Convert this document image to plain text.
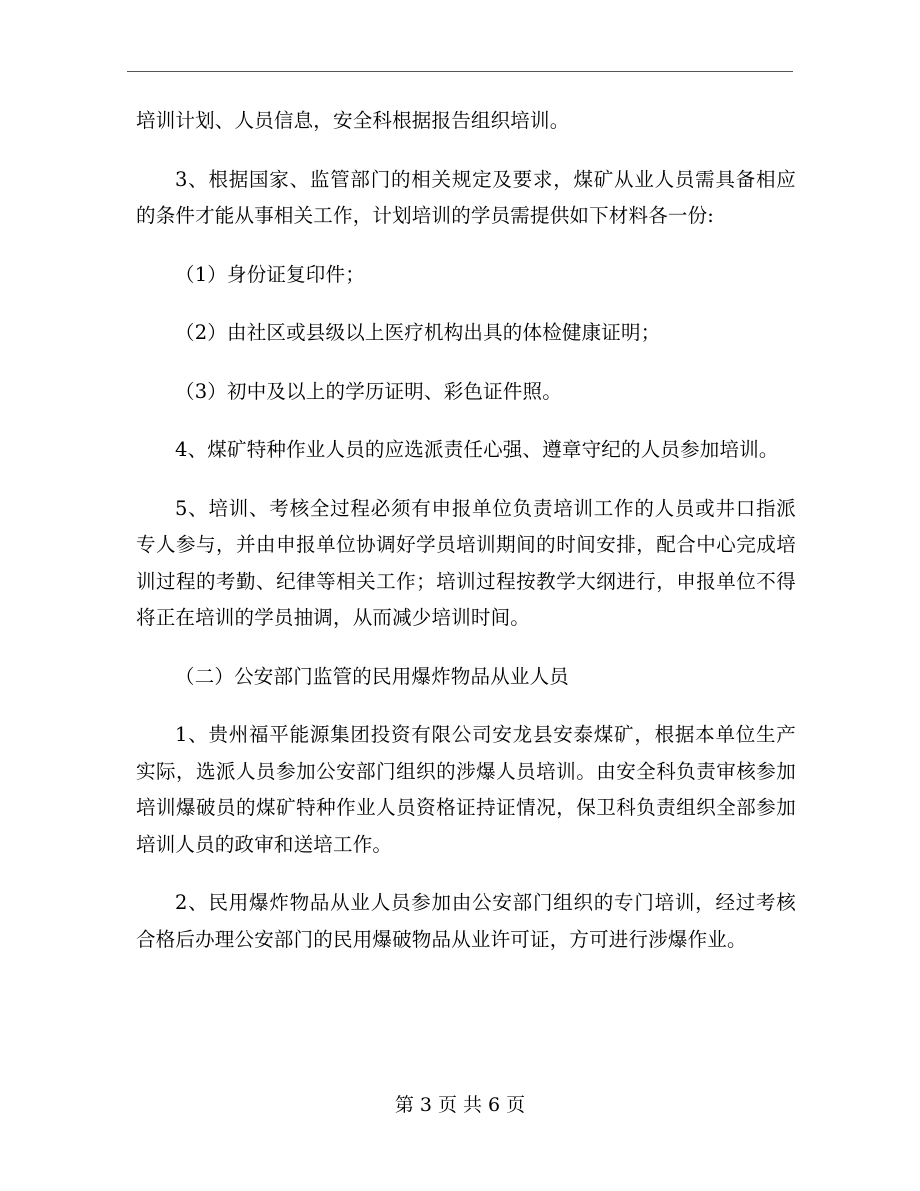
培训计划、人员信息，安全科根据报告组织培训。

3、根据国家、监管部门的相关规定及要求，煤矿从业人员需具备相应的条件才能从事相关工作，计划培训的学员需提供如下材料各一份:

（1）身份证复印件；

（2）由社区或县级以上医疗机构出具的体检健康证明；

（3）初中及以上的学历证明、彩色证件照。

4、煤矿特种作业人员的应选派责任心强、遵章守纪的人员参加培训。

5、培训、考核全过程必须有申报单位负责培训工作的人员或井口指派专人参与，并由申报单位协调好学员培训期间的时间安排，配合中心完成培训过程的考勤、纪律等相关工作；培训过程按教学大纲进行，申报单位不得将正在培训的学员抽调，从而减少培训时间。

（二）公安部门监管的民用爆炸物品从业人员

1、贵州福平能源集团投资有限公司安龙县安泰煤矿，根据本单位生产实际，选派人员参加公安部门组织的涉爆人员培训。由安全科负责审核参加培训爆破员的煤矿特种作业人员资格证持证情况，保卫科负责组织全部参加培训人员的政审和送培工作。

2、民用爆炸物品从业人员参加由公安部门组织的专门培训，经过考核合格后办理公安部门的民用爆破物品从业许可证，方可进行涉爆作业。

第 3 页 共 6 页
